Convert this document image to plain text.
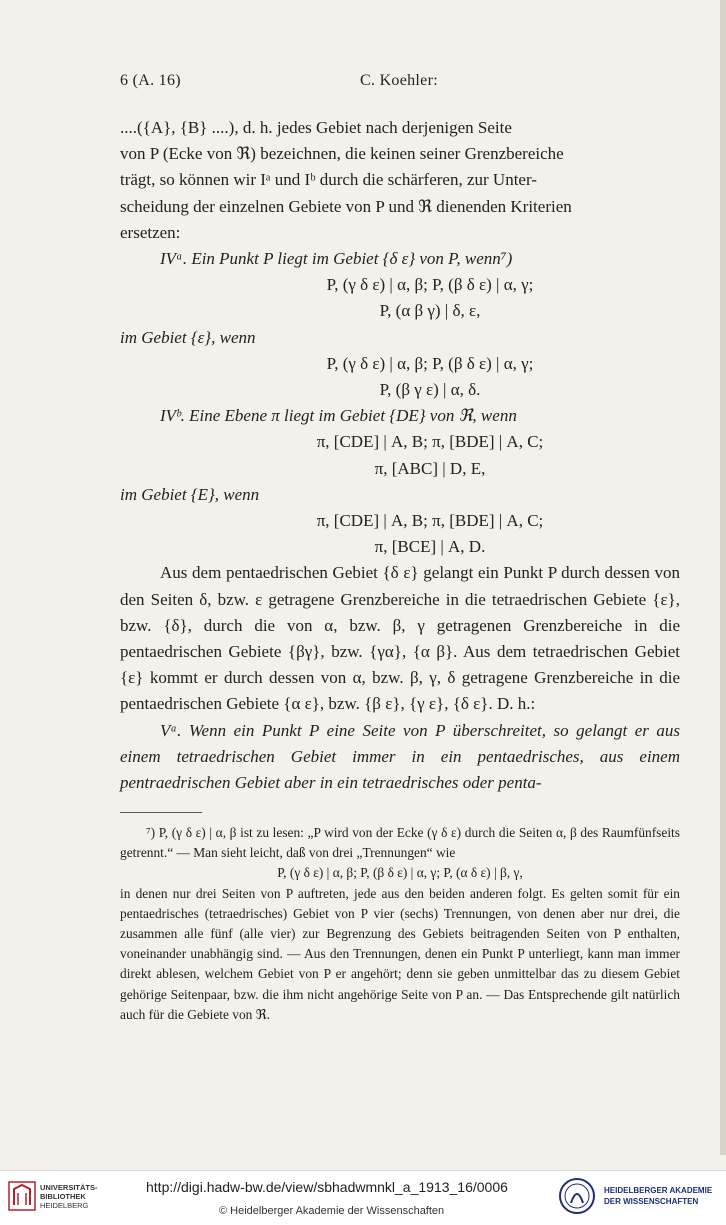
6 (A. 16)	C. Koehler:

....({A}, {B} ....), d. h. jedes Gebiet nach derjenigen Seite

von P (Ecke von ℜ) bezeichnen, die keinen seiner Grenzbereiche

trägt, so können wir Iᵃ und Iᵇ durch die schärferen, zur Unter-

scheidung der einzelnen Gebiete von P und ℜ dienenden Kriterien

ersetzen:

IVᵃ. Ein Punkt P liegt im Gebiet {δ ε} von P, wenn⁷)

P, (γ δ ε) | α, β; P, (β δ ε) | α, γ;

P, (α β γ) | δ, ε,

im Gebiet {ε}, wenn

P, (γ δ ε) | α, β; P, (β δ ε) | α, γ;

P, (β γ ε) | α, δ.

IVᵇ. Eine Ebene π liegt im Gebiet {DE} von ℜ, wenn

π, [CDE] | A, B; π, [BDE] | A, C;

π, [ABC] | D, E,

im Gebiet {E}, wenn

π, [CDE] | A, B; π, [BDE] | A, C;

π, [BCE] | A, D.

Aus dem pentaedrischen Gebiet {δ ε} gelangt ein Punkt P durch dessen von den Seiten δ, bzw. ε getragene Grenzbereiche in die tetraedrischen Gebiete {ε}, bzw. {δ}, durch die von α, bzw. β, γ getragenen Grenzbereiche in die pentaedrischen Gebiete {βγ}, bzw. {γα}, {α β}. Aus dem tetraedrischen Gebiet {ε} kommt er durch dessen von α, bzw. β, γ, δ getragene Grenzbereiche in die pentaedrischen Gebiete {α ε}, bzw. {β ε}, {γ ε}, {δ ε}. D. h.:

Vᵃ. Wenn ein Punkt P eine Seite von P überschreitet, so gelangt er aus einem tetraedrischen Gebiet immer in ein pentaedrisches, aus einem pentraedrischen Gebiet aber in ein tetraedrisches oder penta-

⁷) P, (γ δ ε) | α, β ist zu lesen: „P wird von der Ecke (γ δ ε) durch die Seiten α, β des Raumfünfseits getrennt.“ — Man sieht leicht, daß von drei „Trennungen“ wie

P, (γ δ ε) | α, β; P, (β δ ε) | α, γ; P, (α δ ε) | β, γ,

in denen nur drei Seiten von P auftreten, jede aus den beiden anderen folgt. Es gelten somit für ein pentaedrisches (tetraedrisches) Gebiet von P vier (sechs) Trennungen, von denen aber nur drei, die zusammen alle fünf (alle vier) zur Begrenzung des Gebiets beitragenden Seiten von P enthalten, voneinander unabhängig sind. — Aus den Trennungen, denen ein Punkt P unterliegt, kann man immer direkt ablesen, welchem Gebiet von P er angehört; denn sie geben unmittelbar das zu diesem Gebiet gehörige Seitenpaar, bzw. die ihm nicht angehörige Seite von P an. — Das Entsprechende gilt natürlich auch für die Gebiete von ℜ.

UNIVERSITÄTS-
BIBLIOTHEK
HEIDELBERG
http://digi.hadw-bw.de/view/sbhadwmnkl_a_1913_16/0006
© Heidelberger Akademie der Wissenschaften
HEIDELBERGER AKADEMIE
DER WISSENSCHAFTEN
